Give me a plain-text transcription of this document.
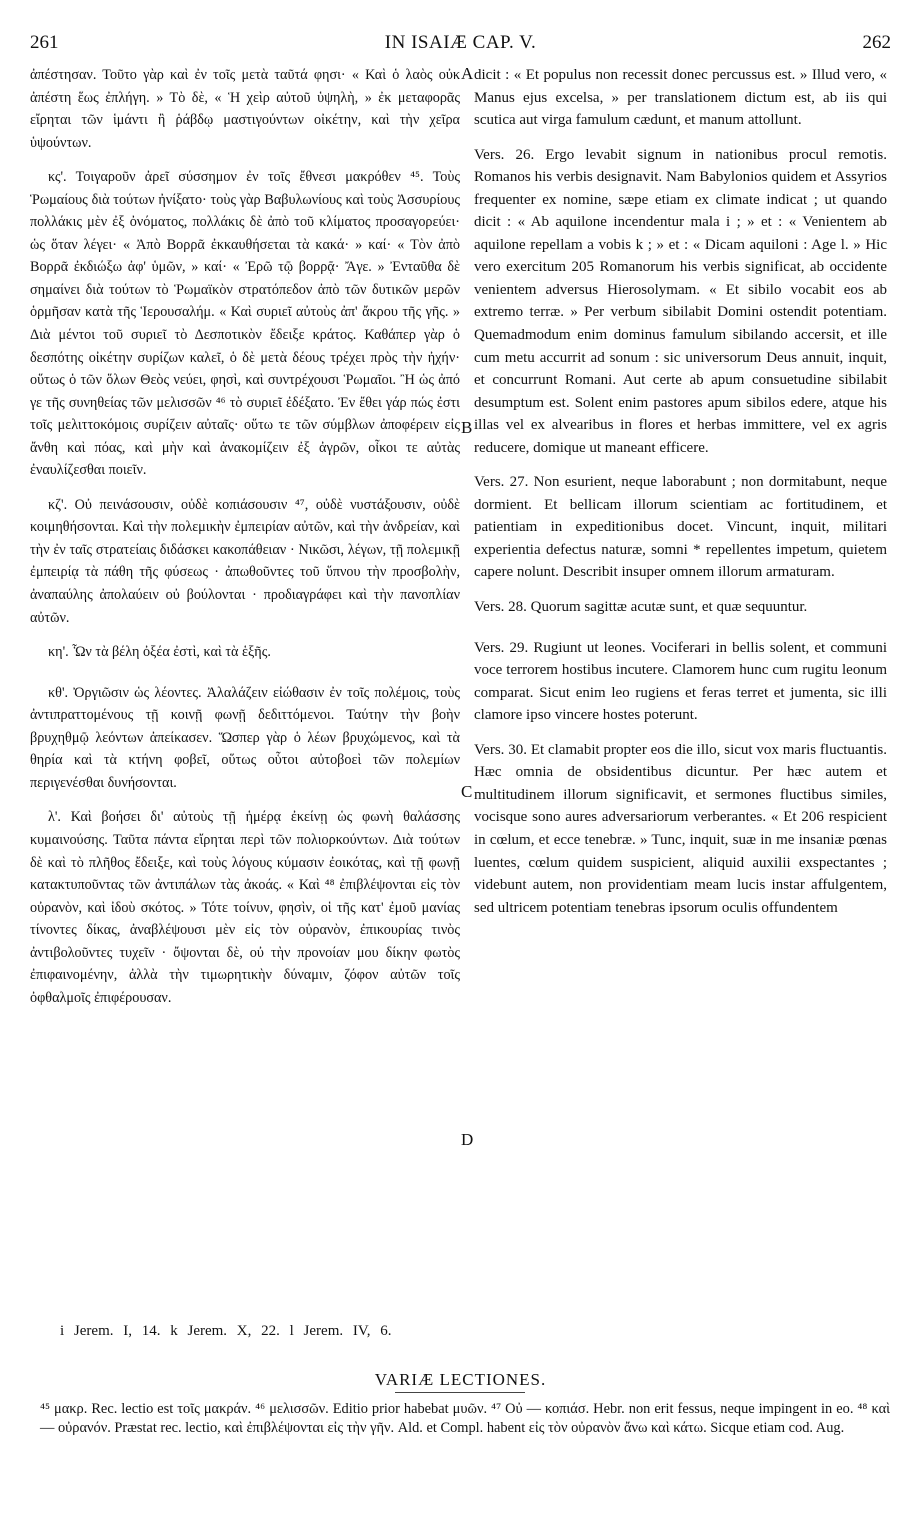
261	IN ISAIÆ CAP. V.	262

ἀπέστησαν. Τοῦτο γὰρ καὶ ἐν τοῖς μετὰ ταῦτά φησι· « Καὶ ὁ λαὸς οὐκ ἀπέστη ἕως ἐπλήγη. » Τὸ δὲ, « Ἡ χεὶρ αὐτοῦ ὑψηλὴ, » ἐκ μεταφορᾶς εἴρηται τῶν ἱμάντι ἢ ῥάβδῳ μαστιγούντων οἰκέτην, καὶ τὴν χεῖρα ὑψούντων.

κς'. Τοιγαροῦν ἀρεῖ σύσσημον ἐν τοῖς ἔθνεσι μακρόθεν ⁴⁵. Τοὺς Ῥωμαίους διὰ τούτων ἠνίξατο· τοὺς γὰρ Βαβυλωνίους καὶ τοὺς Ἀσσυρίους πολλάκις μὲν ἐξ ὀνόματος, πολλάκις δὲ ἀπὸ τοῦ κλίματος προσαγορεύει· ὡς ὅταν λέγει· « Ἀπὸ Βορρᾶ ἐκκαυθήσεται τὰ κακά· » καί· « Τὸν ἀπὸ Βορρᾶ ἐκδιώξω ἀφ' ὑμῶν, » καί· « Ἐρῶ τῷ βορρᾷ· Ἄγε. » Ἐνταῦθα δὲ σημαίνει διὰ τούτων τὸ Ῥωμαϊκὸν στρατόπεδον ἀπὸ τῶν δυτικῶν μερῶν ὁρμῆσαν κατὰ τῆς Ἱερουσαλήμ. « Καὶ συριεῖ αὐτοὺς ἀπ' ἄκρου τῆς γῆς. » Διὰ μέντοι τοῦ συριεῖ τὸ Δεσποτικὸν ἔδειξε κράτος. Καθάπερ γὰρ ὁ δεσπότης οἰκέτην συρίζων καλεῖ, ὁ δὲ μετὰ δέους τρέχει πρὸς τὴν ἠχήν· οὕτως ὁ τῶν ὅλων Θεὸς νεύει, φησὶ, καὶ συντρέχουσι Ῥωμαῖοι. Ἢ ὡς ἀπό γε τῆς συνηθείας τῶν μελισσῶν ⁴⁶ τὸ συριεῖ ἐδέξατο. Ἐν ἔθει γάρ πώς ἐστι τοῖς μελιττοκόμοις συρίζειν αὐταῖς· οὕτω τε τῶν σύμβλων ἀποφέρειν εἰς ἄνθη καὶ πόας, καὶ μὴν καὶ ἀνακομίζειν ἐξ ἀγρῶν, οἶκοι τε αὐτὰς ἐναυλίζεσθαι ποιεῖν.

κζ'. Οὐ πεινάσουσιν, οὐδὲ κοπιάσουσιν ⁴⁷, οὐδὲ νυστάξουσιν, οὐδὲ κοιμηθήσονται. Καὶ τὴν πολεμικὴν ἐμπειρίαν αὐτῶν, καὶ τὴν ἀνδρείαν, καὶ τὴν ἐν ταῖς στρατείαις διδάσκει κακοπάθειαν · Νικῶσι, λέγων, τῇ πολεμικῇ ἐμπειρίᾳ τὰ πάθη τῆς φύσεως · ἀπωθοῦντες τοῦ ὕπνου τὴν προσβολὴν, ἀναπαύλης ἀπολαύειν οὐ βούλονται · προδιαγράφει καὶ τὴν πανοπλίαν αὐτῶν.

κη'. Ὧν τὰ βέλη ὀξέα ἐστὶ, καὶ τὰ ἑξῆς.

κθ'. Ὀργιῶσιν ὡς λέοντες. Ἀλαλάζειν εἰώθασιν ἐν τοῖς πολέμοις, τοὺς ἀντιπραττομένους τῇ κοινῇ φωνῇ δεδιττόμενοι. Ταύτην τὴν βοὴν βρυχηθμῷ λεόντων ἀπείκασεν. Ὥσπερ γὰρ ὁ λέων βρυχώμενος, καὶ τὰ θηρία καὶ τὰ κτήνη φοβεῖ, οὕτως οὗτοι αὐτοβοεὶ τῶν πολεμίων περιγενέσθαι δυνήσονται.

λ'. Καὶ βοήσει δι' αὐτοὺς τῇ ἡμέρᾳ ἐκείνῃ ὡς φωνὴ θαλάσσης κυμαινούσης. Ταῦτα πάντα εἴρηται περὶ τῶν πολιορκούντων. Διὰ τούτων δὲ καὶ τὸ πλῆθος ἔδειξε, καὶ τοὺς λόγους κύμασιν ἐοικότας, καὶ τῇ φωνῇ κατακτυποῦντας τῶν ἀντιπάλων τὰς ἀκοάς. « Καὶ ⁴⁸ ἐπιβλέψονται εἰς τὸν οὐρανὸν, καὶ ἰδοὺ σκότος. » Τότε τοίνυν, φησὶν, οἱ τῆς κατ' ἐμοῦ μανίας τίνοντες δίκας, ἀναβλέψουσι μὲν εἰς τὸν οὐρανὸν, ἐπικουρίας τινὸς ἀντιβολοῦντες τυχεῖν · ὄψονται δὲ, οὐ τὴν προνοίαν μου δίκην φωτὸς ἐπιφαινομένην, ἀλλὰ τὴν τιμωρητικὴν δύναμιν, ζόφον αὐτῶν τοῖς ὀφθαλμοῖς ἐπιφέρουσαν.

dicit : « Et populus non recessit donec percussus est. » Illud vero, « Manus ejus excelsa, » per translationem dictum est, ab iis qui scutica aut virga famulum cædunt, et manum attollunt.

Vers. 26. Ergo levabit signum in nationibus procul remotis. Romanos his verbis designavit. Nam Babylonios quidem et Assyrios frequenter ex nomine, sæpe etiam ex climate indicat ; ut quando dicit : « Ab aquilone incendentur mala i ; » et : « Venientem ab aquilone repellam a vobis k ; » et : « Dicam aquiloni : Age l. » Hic vero exercitum 205 Romanorum his verbis significat, ab occidente venientem adversus Hierosolymam. « Et sibilo vocabit eos ab extremo terræ. » Per verbum sibilabit Domini ostendit potentiam. Quemadmodum enim dominus famulum sibilando accersit, et ille cum metu accurrit ad sonum : sic universorum Deus annuit, inquit, et concurrunt Romani. Aut certe ab apum consuetudine sibilabit desumptum est. Solent enim pastores apum sibilos edere, atque his illas vel ex alvearibus in flores et herbas immittere, vel ex agris reducere, domique ut maneant efficere.

Vers. 27. Non esurient, neque laborabunt ; non dormitabunt, neque dormient. Et bellicam illorum scientiam ac fortitudinem, et patientiam in expeditionibus docet. Vincunt, inquit, militari experientia defectus naturæ, somni * repellentes impetum, quietem capere nolunt. Describit insuper omnem illorum armaturam.

Vers. 28. Quorum sagittæ acutæ sunt, et quæ sequuntur.

Vers. 29. Rugiunt ut leones. Vociferari in bellis solent, et communi voce terrorem hostibus incutere. Clamorem hunc cum rugitu leonum comparat. Sicut enim leo rugiens et feras terret et jumenta, sic illi clamore ipso vincere hostes poterunt.

Vers. 30. Et clamabit propter eos die illo, sicut vox maris fluctuantis. Hæc omnia de obsidentibus dicuntur. Per hæc autem et multitudinem illorum significavit, et sermones fluctibus similes, vocisque sono aures adversariorum verberantes. « Et 206 respicient in cœlum, et ecce tenebræ. » Tunc, inquit, suæ in me insaniæ pœnas luentes, cœlum quidem suspicient, aliquid auxilii exspectantes ; videbunt autem, non providentiam meam lucis instar affulgentem, sed ultricem potentiam tenebras ipsorum oculis offundentem

A
B
C
D
i Jerem. I, 14. k Jerem. X, 22. l Jerem. IV, 6.
VARIÆ LECTIONES.
⁴⁵ μακρ. Rec. lectio est τοῖς μακράν. ⁴⁶ μελισσῶν. Editio prior habebat μυῶν. ⁴⁷ Οὐ — κοπιάσ. Hebr. non erit fessus, neque impingent in eo. ⁴⁸ καὶ — οὐρανόν. Præstat rec. lectio, καὶ ἐπιβλέψονται εἰς τὴν γῆν. Ald. et Compl. habent εἰς τὸν οὐρανὸν ἄνω καὶ κάτω. Sicque etiam cod. Aug.
